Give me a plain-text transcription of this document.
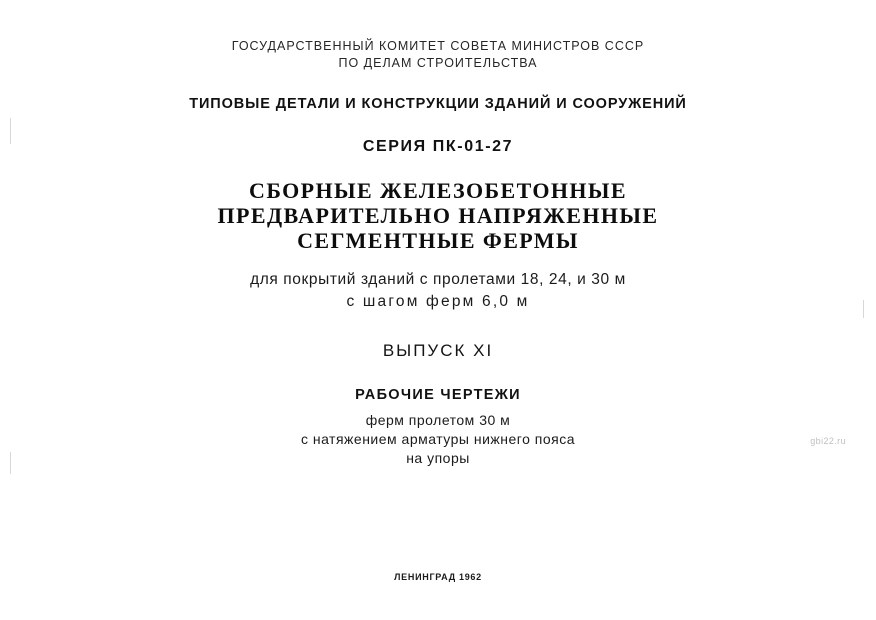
ГОСУДАРСТВЕННЫЙ КОМИТЕТ СОВЕТА МИНИСТРОВ СССР
ПО ДЕЛАМ СТРОИТЕЛЬСТВА
ТИПОВЫЕ ДЕТАЛИ И КОНСТРУКЦИИ ЗДАНИЙ И СООРУЖЕНИЙ
СЕРИЯ ПК-01-27
СБОРНЫЕ ЖЕЛЕЗОБЕТОННЫЕ
ПРЕДВАРИТЕЛЬНО НАПРЯЖЕННЫЕ
СЕГМЕНТНЫЕ ФЕРМЫ
для покрытий зданий с пролетами 18, 24, и 30 м
с шагом ферм 6,0 м
ВЫПУСК XI
РАБОЧИЕ ЧЕРТЕЖИ
ферм пролетом 30 м
с натяжением арматуры нижнего пояса
на упоры
gbi22.ru
ЛЕНИНГРАД 1962
